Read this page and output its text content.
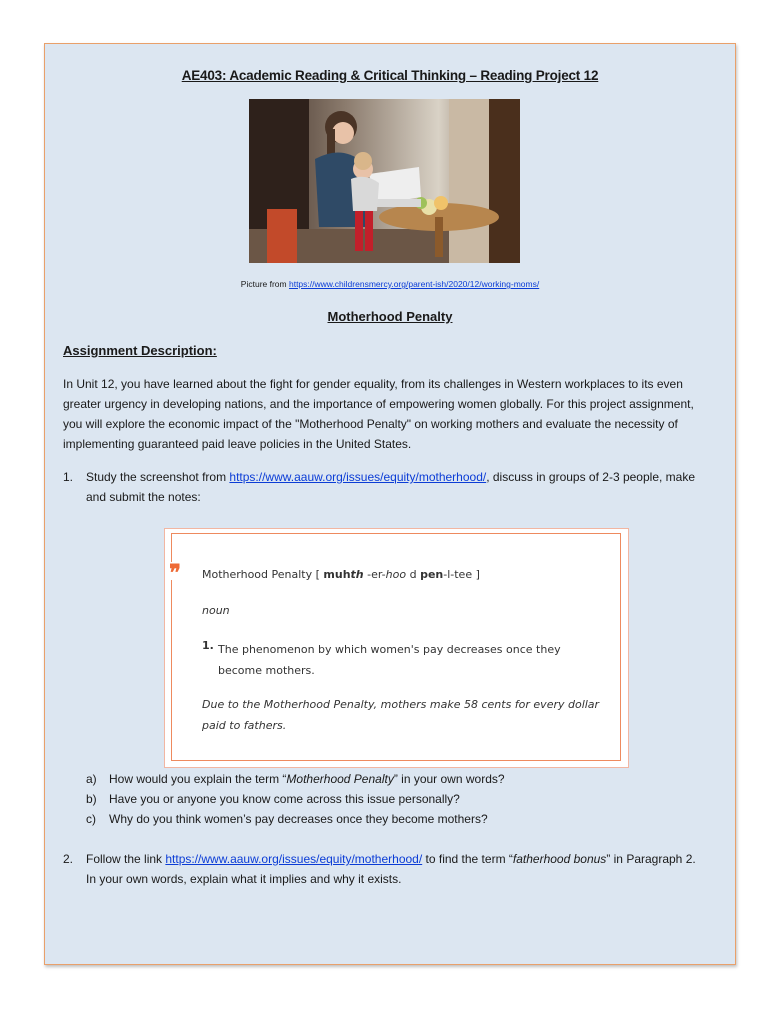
AE403: Academic Reading & Critical Thinking – Reading Project 12
Picture from https://www.childrensmercy.org/parent-ish/2020/12/working-moms/
Motherhood Penalty
Assignment Description:
In Unit 12, you have learned about the fight for gender equality, from its challenges in Western workplaces to its even greater urgency in developing nations, and the importance of empowering women globally. For this project assignment, you will explore the economic impact of the "Motherhood Penalty" on working mothers and evaluate the necessity of implementing guaranteed paid leave policies in the United States.
1. Study the screenshot from https://www.aauw.org/issues/equity/motherhood/, discuss in groups of 2-3 people, make and submit the notes:
❞ Motherhood Penalty [ muhth -er-hoo d pen-l-tee ]
noun
1. The phenomenon by which women's pay decreases once they become mothers.
Due to the Motherhood Penalty, mothers make 58 cents for every dollar paid to fathers.
a) How would you explain the term “Motherhood Penalty” in your own words?
b) Have you or anyone you know come across this issue personally?
c) Why do you think women’s pay decreases once they become mothers?
2. Follow the link https://www.aauw.org/issues/equity/motherhood/ to find the term “fatherhood bonus” in Paragraph 2. In your own words, explain what it implies and why it exists.
